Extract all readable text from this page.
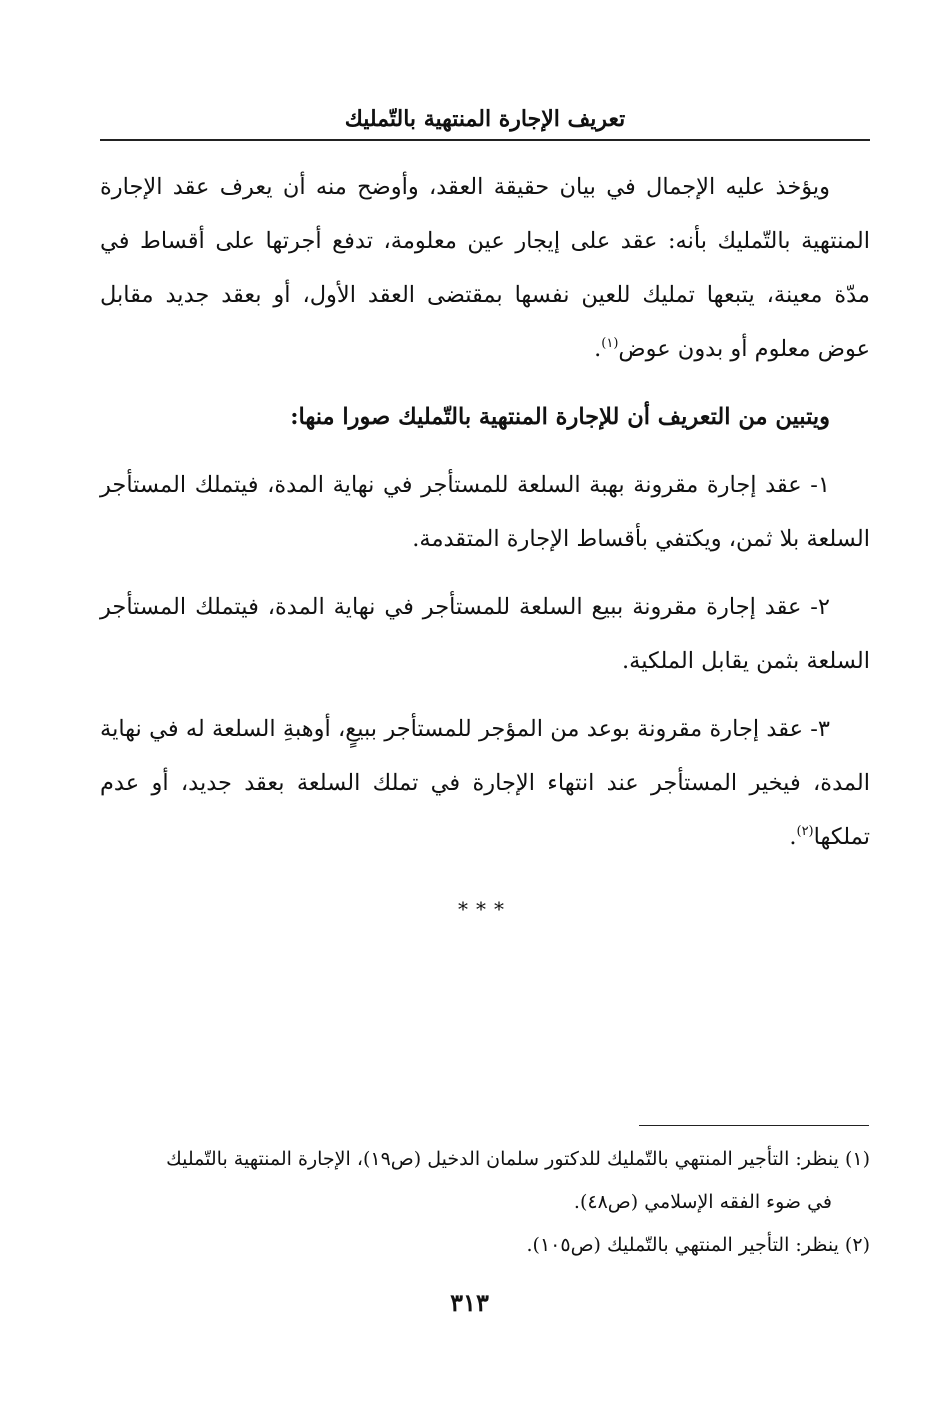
تعريف الإجارة المنتهية بالتّمليك

ويؤخذ عليه الإجمال في بيان حقيقة العقد، وأوضح منه أن يعرف عقد الإجارة المنتهية بالتّمليك بأنه: عقد على إيجار عين معلومة، تدفع أجرتها على أقساط في مدّة معينة، يتبعها تمليك للعين نفسها بمقتضى العقد الأول، أو بعقد جديد مقابل عوض معلوم أو بدون عوض$^{(١)}$.

ويتبين من التعريف أن للإجارة المنتهية بالتّمليك صورا منها:

١- عقد إجارة مقرونة بهبة السلعة للمستأجر في نهاية المدة، فيتملك المستأجر السلعة بلا ثمن، ويكتفي بأقساط الإجارة المتقدمة.

٢- عقد إجارة مقرونة ببيع السلعة للمستأجر في نهاية المدة، فيتملك المستأجر السلعة بثمن يقابل الملكية.

٣- عقد إجارة مقرونة بوعد من المؤجر للمستأجر ببيعٍ، أوهبةِ السلعة له في نهاية المدة، فيخير المستأجر عند انتهاء الإجارة في تملك السلعة بعقد جديد، أو عدم تملكها$^{(٢)}$.

***

(١) ينظر: التأجير المنتهي بالتّمليك للدكتور سلمان الدخيل (ص١٩)، الإجارة المنتهية بالتّمليك

في ضوء الفقه الإسلامي (ص٤٨).

(٢) ينظر: التأجير المنتهي بالتّمليك (ص١٠٥).

٣١٣
